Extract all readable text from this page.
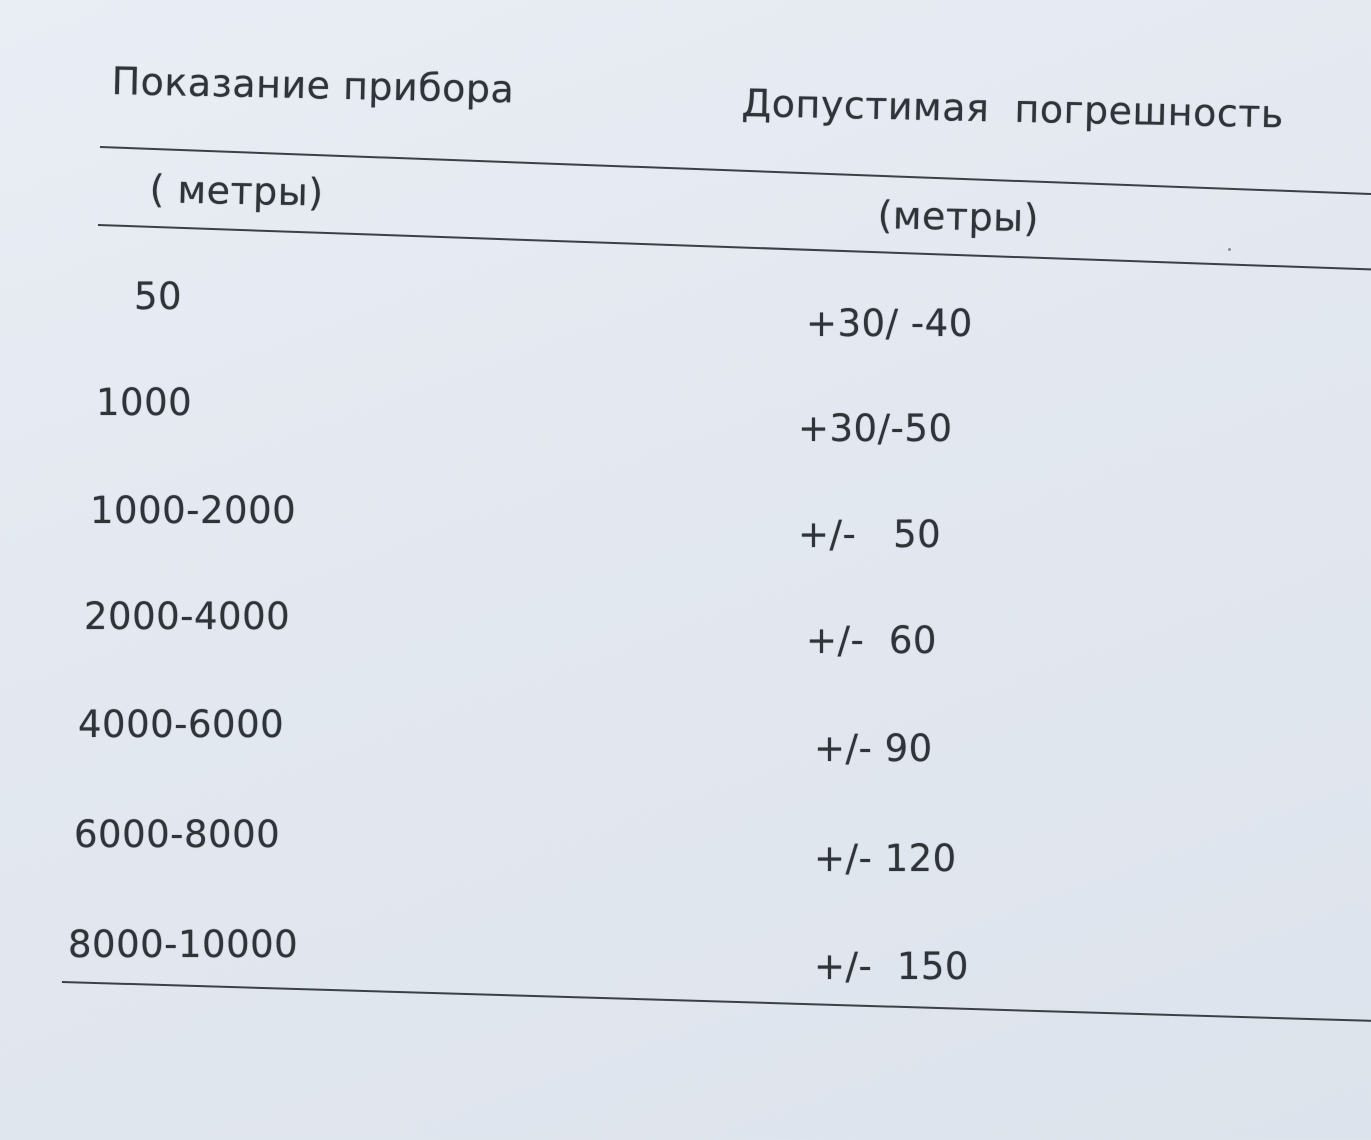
Показание прибора	Допустимая  погрешность
( метры)
(метры)
50
+30/ -40
1000
+30/-50
1000-2000
+/-   50
2000-4000
+/-  60
4000-6000
+/- 90
6000-8000
+/- 120
8000-10000
+/-  150
